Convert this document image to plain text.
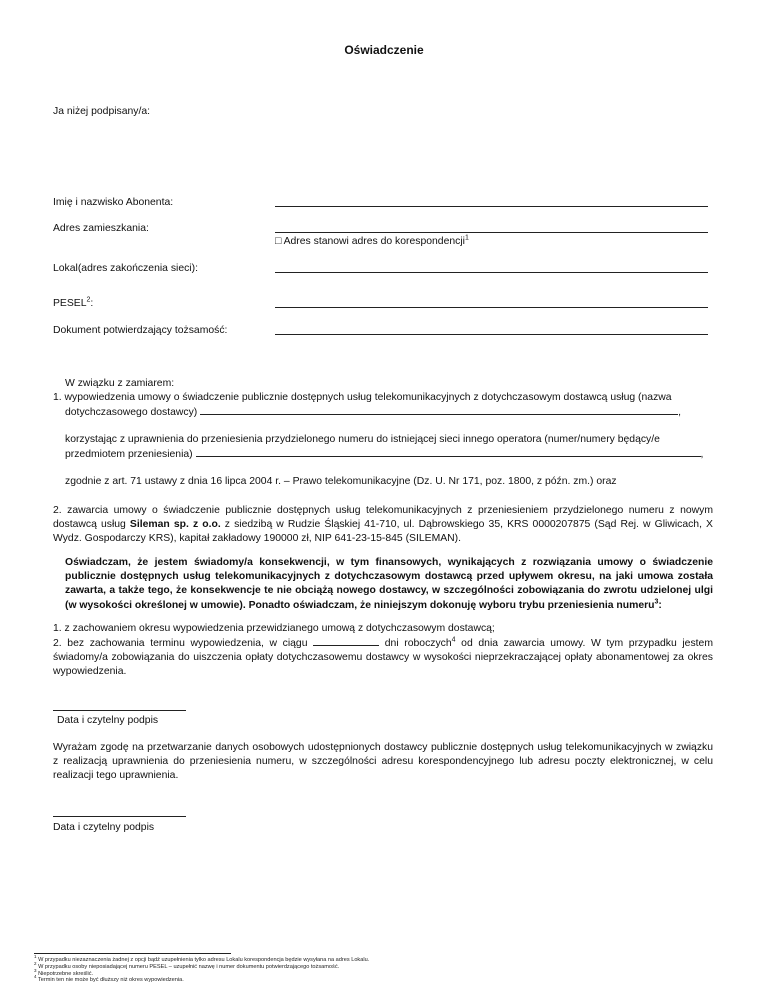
Oświadczenie
Ja niżej podpisany/a:
Imię i nazwisko Abonenta:
Adres zamieszkania:
□ Adres stanowi adres do korespondencji$^1$
Lokal(adres zakończenia sieci):
PESEL$^2$:
Dokument potwierdzający tożsamość:
W związku z zamiarem:
1. wypowiedzenia umowy o świadczenie publicznie dostępnych usług telekomunikacyjnych z dotychczasowym dostawcą usług (nazwa
dotychczasowego dostawcy)	,
korzystając z uprawnienia do przeniesienia przydzielonego numeru do istniejącej sieci innego operatora (numer/numery będący/e
przedmiotem przeniesienia)	,
zgodnie z art. 71 ustawy z dnia 16 lipca 2004 r. – Prawo telekomunikacyjne (Dz. U. Nr 171, poz. 1800, z późn. zm.) oraz
2. zawarcia umowy o świadczenie publicznie dostępnych usług telekomunikacyjnych z przeniesieniem przydzielonego numeru z nowym dostawcą usług Sileman sp. z o.o. z siedzibą w Rudzie Śląskiej 41-710, ul. Dąbrowskiego 35, KRS 0000207875 (Sąd Rej. w Gliwicach, X Wydz. Gospodarczy KRS), kapitał zakładowy 190000 zł, NIP 641-23-15-845 (SILEMAN).
Oświadczam, że jestem świadomy/a konsekwencji, w tym finansowych, wynikających z rozwiązania umowy o świadczenie publicznie dostępnych usług telekomunikacyjnych z dotychczasowym dostawcą przed upływem okresu, na jaki umowa została zawarta, a także tego, że konsekwencje te nie obciążą nowego dostawcy, w szczególności zobowiązania do zwrotu udzielonej ulgi (w wysokości określonej w umowie). Ponadto oświadczam, że niniejszym dokonuję wyboru trybu przeniesienia numeru$^3$:
1. z zachowaniem okresu wypowiedzenia przewidzianego umową z dotychczasowym dostawcą;
2. bez zachowania terminu wypowiedzenia, w ciągu	dni roboczych$^4$ od dnia zawarcia umowy. W tym przypadku jestem świadomy/a zobowiązania do uiszczenia opłaty dotychczasowemu dostawcy w wysokości nieprzekraczającej opłaty abonamentowej za okres wypowiedzenia.
Data i czytelny podpis
Wyrażam zgodę na przetwarzanie danych osobowych udostępnionych dostawcy publicznie dostępnych usług telekomunikacyjnych w związku z realizacją uprawnienia do przeniesienia numeru, w szczególności adresu korespondencyjnego lub adresu poczty elektronicznej, w celu realizacji tego uprawnienia.
Data i czytelny podpis
$^1$ W przypadku niezaznaczenia żadnej z opcji bądź uzupełnienia tylko adresu Lokalu korespondencja będzie wysyłana na adres Lokalu.
$^2$ W przypadku osoby nieposiadającej numeru PESEL – uzupełnić nazwę i numer dokumentu potwierdzającego tożsamość.
$^3$ Niepotrzebne skreślić.
$^4$ Termin ten nie może być dłuższy niż okres wypowiedzenia.
